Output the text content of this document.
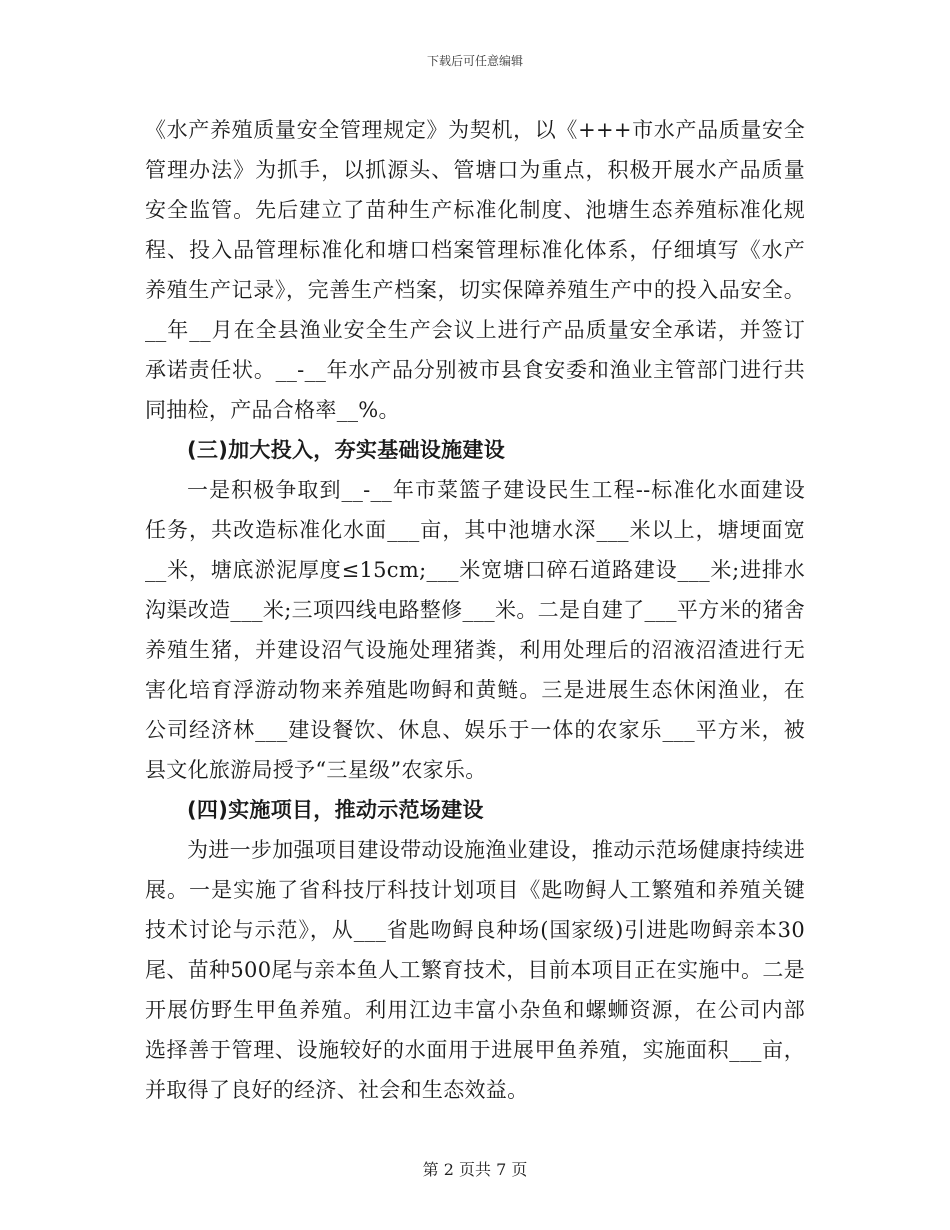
下载后可任意编辑

《水产养殖质量安全管理规定》为契机，以《+++市水产品质量安全管理办法》为抓手，以抓源头、管塘口为重点，积极开展水产品质量安全监管。先后建立了苗种生产标准化制度、池塘生态养殖标准化规程、投入品管理标准化和塘口档案管理标准化体系，仔细填写《水产养殖生产记录》，完善生产档案，切实保障养殖生产中的投入品安全。__年__月在全县渔业安全生产会议上进行产品质量安全承诺，并签订承诺责任状。__-__年水产品分别被市县食安委和渔业主管部门进行共同抽检，产品合格率__%。

(三)加大投入，夯实基础设施建设

一是积极争取到__-__年市菜篮子建设民生工程--标准化水面建设任务，共改造标准化水面___亩，其中池塘水深___米以上，塘埂面宽__米，塘底淤泥厚度≤15cm;___米宽塘口碎石道路建设___米;进排水沟渠改造___米;三项四线电路整修___米。二是自建了___平方米的猪舍养殖生猪，并建设沼气设施处理猪粪，利用处理后的沼液沼渣进行无害化培育浮游动物来养殖匙吻鲟和黄鲢。三是进展生态休闲渔业，在公司经济林___建设餐饮、休息、娱乐于一体的农家乐___平方米，被县文化旅游局授予“三星级”农家乐。

(四)实施项目，推动示范场建设

为进一步加强项目建设带动设施渔业建设，推动示范场健康持续进展。一是实施了省科技厅科技计划项目《匙吻鲟人工繁殖和养殖关键技术讨论与示范》，从___省匙吻鲟良种场(国家级)引进匙吻鲟亲本30尾、苗种500尾与亲本鱼人工繁育技术，目前本项目正在实施中。二是开展仿野生甲鱼养殖。利用江边丰富小杂鱼和螺蛳资源，在公司内部选择善于管理、设施较好的水面用于进展甲鱼养殖，实施面积___亩，并取得了良好的经济、社会和生态效益。

第 2 页共 7 页
